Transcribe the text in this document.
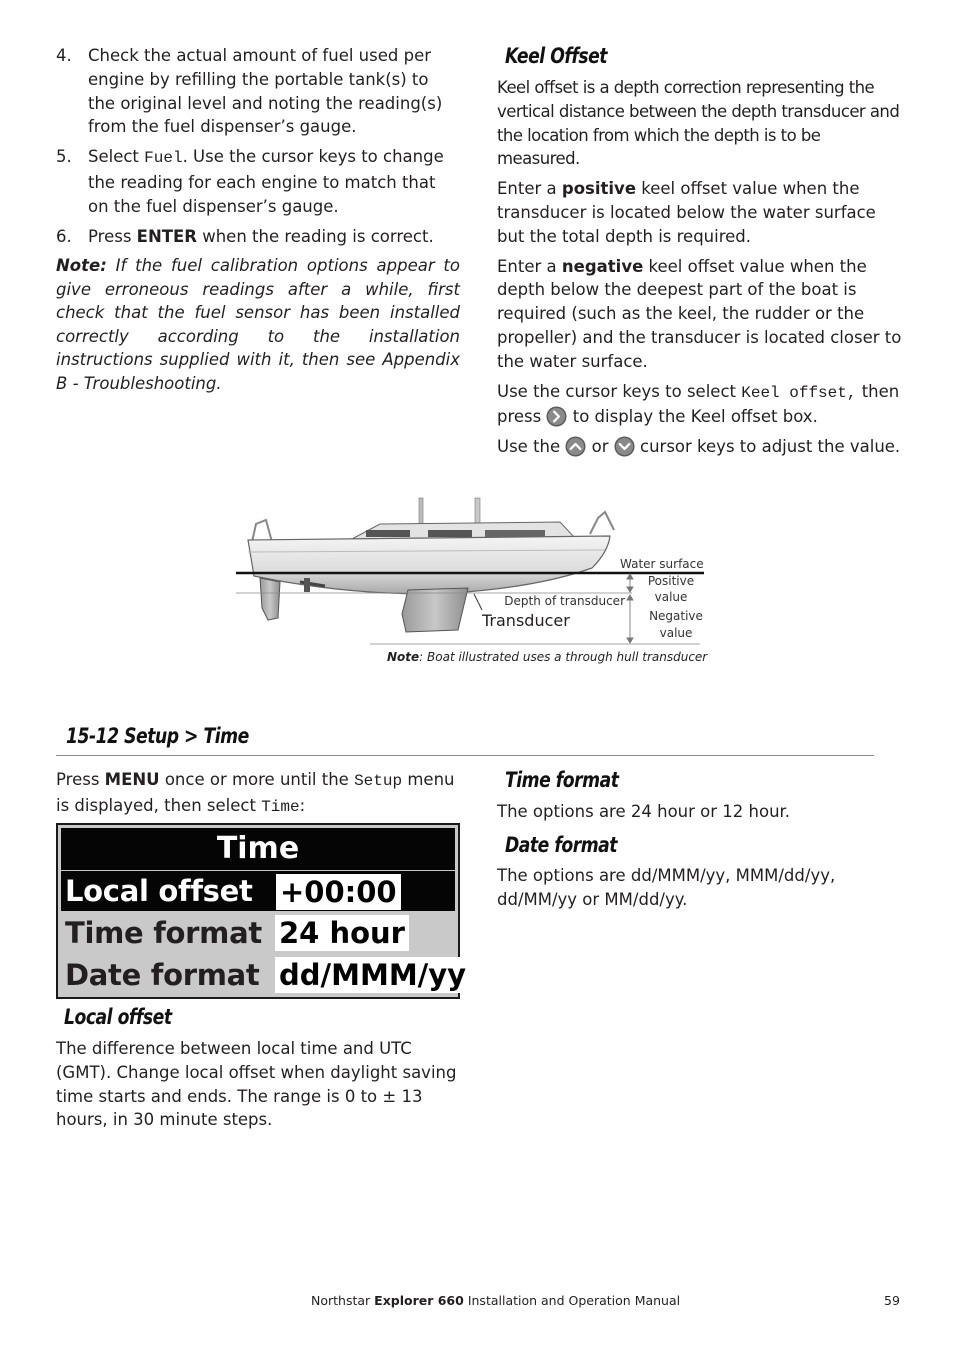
4. Check the actual amount of fuel used per engine by refilling the portable tank(s) to the original level and noting the reading(s) from the fuel dispenser’s gauge.
5. Select Fuel. Use the cursor keys to change the reading for each engine to match that on the fuel dispenser’s gauge.
6. Press ENTER when the reading is correct.

Note: If the fuel calibration options appear to give erroneous readings after a while, first check that the fuel sensor has been installed correctly according to the installation instructions supplied with it, then see Appendix B - Troubleshooting.

Keel Offset

Keel offset is a depth correction representing the vertical distance between the depth transducer and the location from which the depth is to be measured.

Enter a positive keel offset value when the transducer is located below the water surface but the total depth is required.

Enter a negative keel offset value when the depth below the deepest part of the boat is required (such as the keel, the rudder or the propeller) and the transducer is located closer to the water surface.

Use the cursor keys to select Keel offset, then press  to display the Keel offset box.

Use the  or  cursor keys to adjust the value.

Water surface
Positive
value
Depth of transducer
Transducer	Negative
value
Note: Boat illustrated uses a through hull transducer
15-12 Setup > Time
Press MENU once or more until the Setup menu is displayed, then select Time:
Time
Local offset +00:00
Time format 24 hour
Date format dd/MMM/yy
Local offset

The difference between local time and UTC (GMT). Change local offset when daylight saving time starts and ends. The range is 0 to ± 13 hours, in 30 minute steps.

Time format

The options are 24 hour or 12 hour.

Date format

The options are dd/MMM/yy, MMM/dd/yy, dd/MM/yy or MM/dd/yy.

Northstar Explorer 660 Installation and Operation Manual	59
